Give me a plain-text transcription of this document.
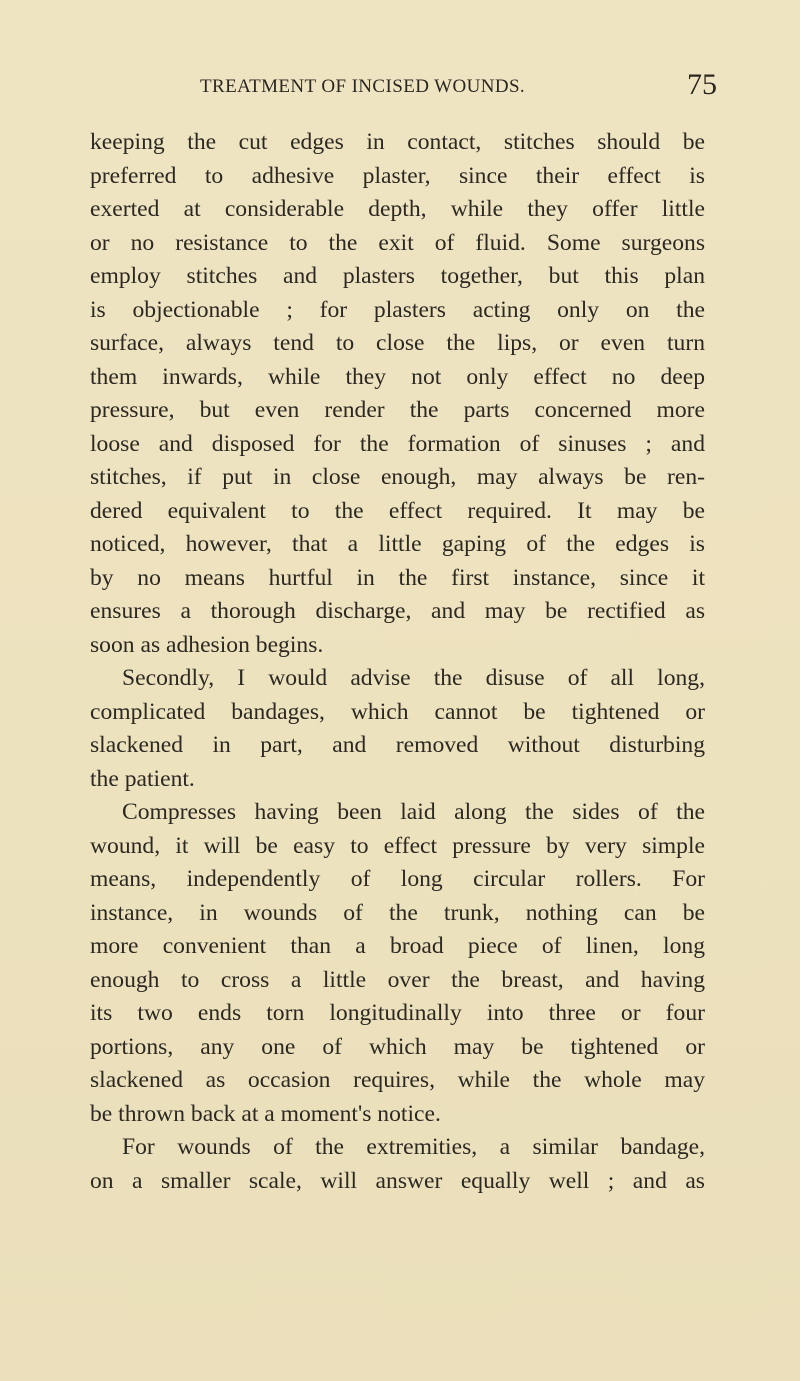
TREATMENT OF INCISED WOUNDS.	75

keeping the cut edges in contact, stitches should be
preferred to adhesive plaster, since their effect is
exerted at considerable depth, while they offer little
or no resistance to the exit of fluid. Some surgeons
employ stitches and plasters together, but this plan
is objectionable ; for plasters acting only on the
surface, always tend to close the lips, or even turn
them inwards, while they not only effect no deep
pressure, but even render the parts concerned more
loose and disposed for the formation of sinuses ; and
stitches, if put in close enough, may always be ren-
dered equivalent to the effect required. It may be
noticed, however, that a little gaping of the edges is
by no means hurtful in the first instance, since it
ensures a thorough discharge, and may be rectified as
soon as adhesion begins.

Secondly, I would advise the disuse of all long,
complicated bandages, which cannot be tightened or
slackened in part, and removed without disturbing
the patient.

Compresses having been laid along the sides of the
wound, it will be easy to effect pressure by very simple
means, independently of long circular rollers. For
instance, in wounds of the trunk, nothing can be
more convenient than a broad piece of linen, long
enough to cross a little over the breast, and having
its two ends torn longitudinally into three or four
portions, any one of which may be tightened or
slackened as occasion requires, while the whole may
be thrown back at a moment's notice.

For wounds of the extremities, a similar bandage,
on a smaller scale, will answer equally well ; and as
